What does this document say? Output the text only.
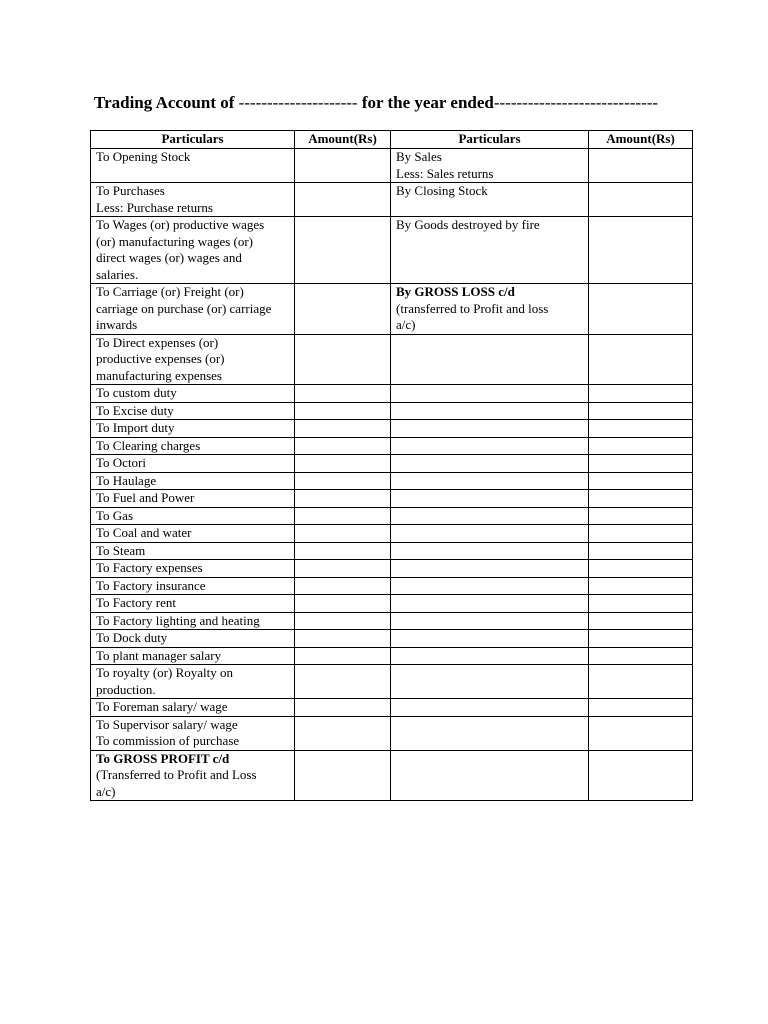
Trading Account of --------------------- for the year ended-----------------------------
Particulars	Amount(Rs)	Particulars	Amount(Rs)

To Opening Stock		By Sales
Less: Sales returns	

To Purchases
Less: Purchase returns		By Closing Stock	

To Wages (or) productive wages
(or) manufacturing wages (or)
direct wages (or) wages and
salaries.		By Goods destroyed by fire	

To Carriage (or) Freight (or)
carriage on purchase (or) carriage
inwards		By GROSS LOSS c/d
(transferred to Profit and loss
a/c)	

To Direct expenses (or)
productive expenses (or)
manufacturing expenses			

To custom duty			

To Excise duty			

To Import duty			

To Clearing charges			

To Octori			

To Haulage			

To Fuel and Power			

To Gas			

To Coal and water			

To Steam			

To Factory expenses			

To Factory insurance			

To Factory rent			

To Factory lighting and heating			

To Dock duty			

To plant manager salary			

To royalty (or) Royalty on
production.			

To Foreman salary/ wage			

To Supervisor salary/ wage
To commission of purchase			

To GROSS PROFIT c/d
(Transferred to Profit and Loss
a/c)			
